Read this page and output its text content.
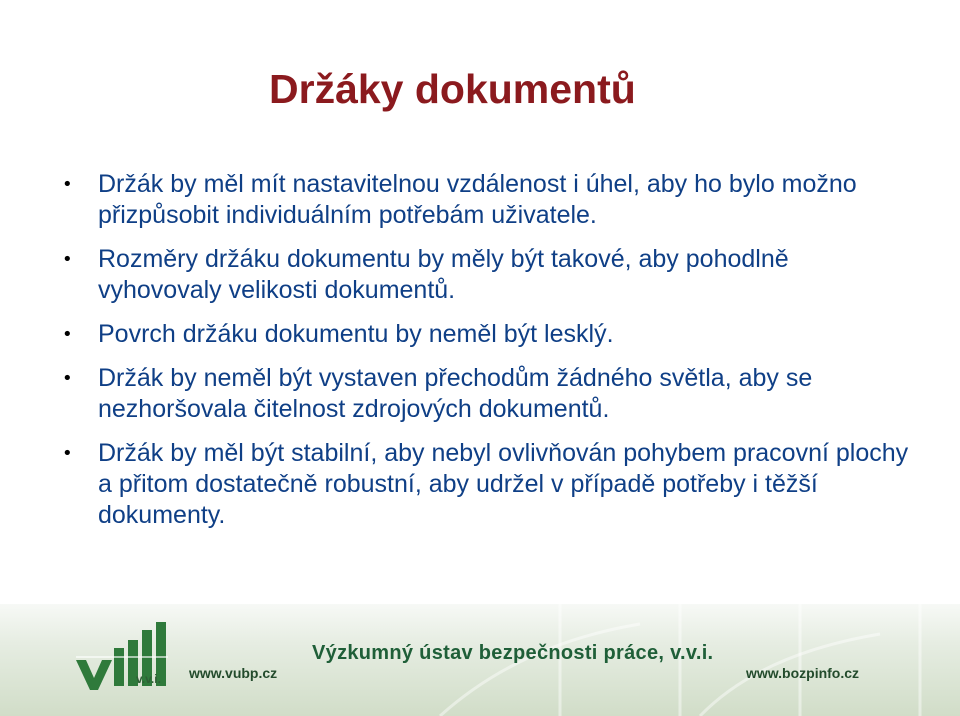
Držáky dokumentů
• Držák by měl mít nastavitelnou vzdálenost i úhel, aby ho bylo možno přizpůsobit individuálním potřebám uživatele.
• Rozměry držáku dokumentu by měly být takové, aby pohodlně vyhovovaly velikosti dokumentů.
• Povrch držáku dokumentu by neměl být lesklý.
• Držák by neměl být vystaven přechodům žádného světla, aby se nezhoršovala čitelnost zdrojových dokumentů.
• Držák by měl být stabilní, aby nebyl ovlivňován pohybem pracovní plochy a přitom dostatečně robustní, aby udržel v případě potřeby i těžší dokumenty.
v.v.i.
Výzkumný ústav bezpečnosti práce, v.v.i.
www.vubp.cz	www.bozpinfo.cz
